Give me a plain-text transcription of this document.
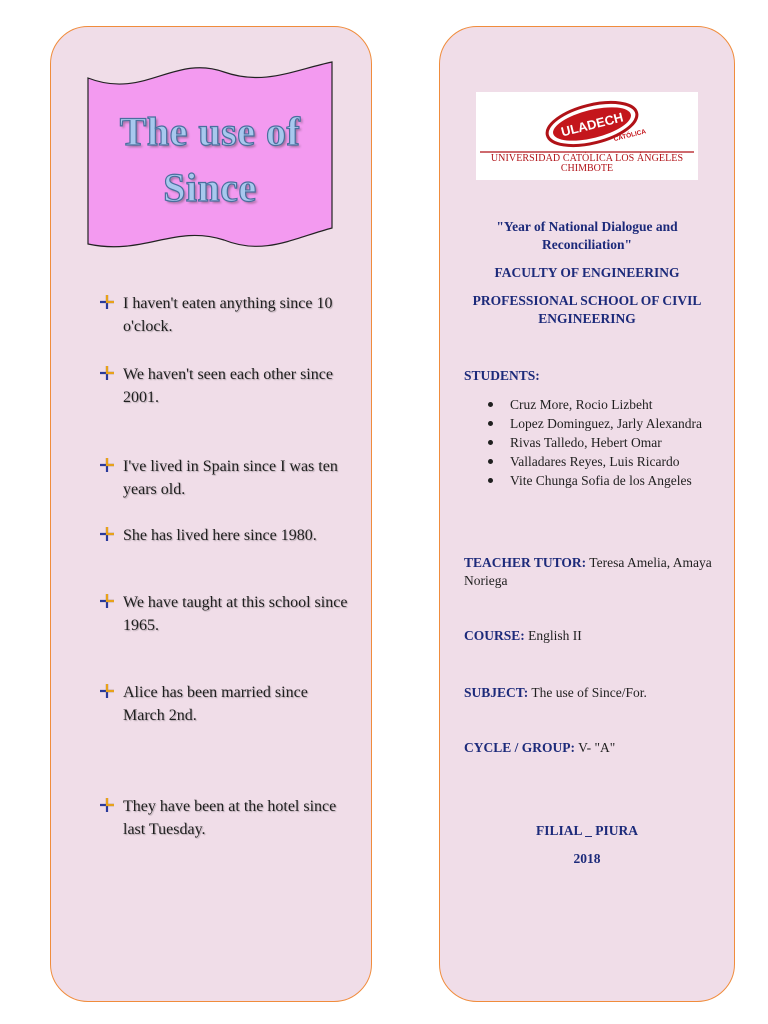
The use of
Since
I haven't eaten anything since 10 o'clock.
We haven't seen each other since 2001.
I've lived in Spain since I was ten years old.
She has lived here since 1980.
We have taught at this school since 1965.
Alice has been married since March 2nd.
They have been at the hotel since last Tuesday.
ULADECH
CATÓLICA
UNIVERSIDAD CATÓLICA LOS ÁNGELES
CHIMBOTE
"Year of National Dialogue and Reconciliation"
FACULTY OF ENGINEERING
PROFESSIONAL SCHOOL OF CIVIL ENGINEERING
STUDENTS:
Cruz More, Rocio Lizbeht
Lopez Dominguez, Jarly Alexandra
Rivas Talledo, Hebert Omar
Valladares Reyes, Luis Ricardo
Vite Chunga Sofia de los Angeles
TEACHER TUTOR: Teresa Amelia, Amaya Noriega
COURSE: English II
SUBJECT: The use of Since/For.
CYCLE / GROUP: V- "A"
FILIAL _ PIURA
2018
